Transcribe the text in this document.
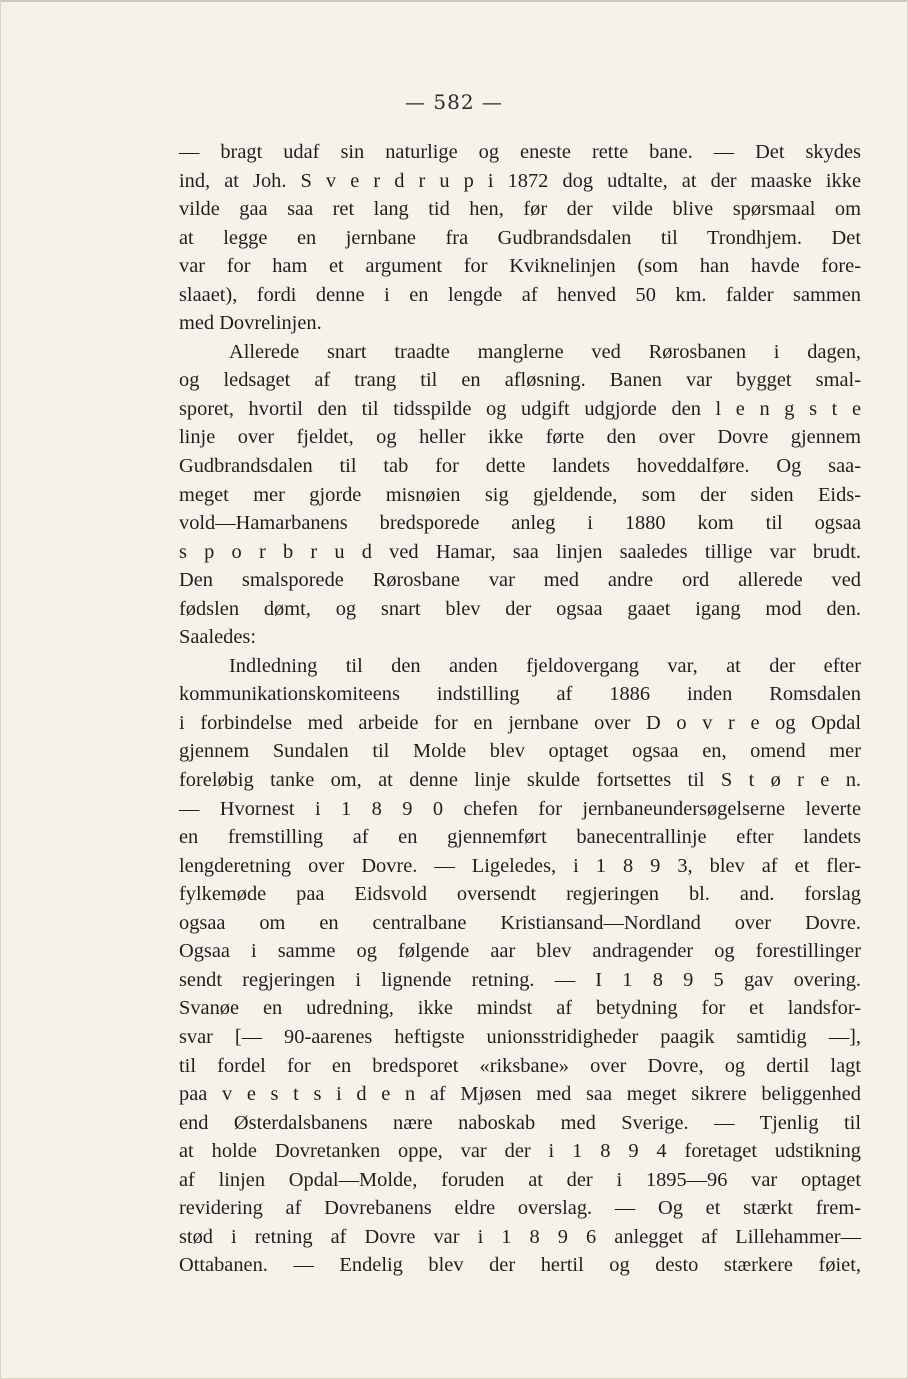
— 582 —
— bragt udaf sin naturlige og eneste rette bane. — Det skydes
ind, at Joh. S v e r d r u p i 1872 dog udtalte, at der maaske ikke
vilde gaa saa ret lang tid hen, før der vilde blive spørsmaal om
at legge en jernbane fra Gudbrandsdalen til Trondhjem. Det
var for ham et argument for Kviknelinjen (som han havde fore-
slaaet), fordi denne i en lengde af henved 50 km. falder sammen
med Dovrelinjen.
Allerede snart traadte manglerne ved Rørosbanen i dagen,
og ledsaget af trang til en afløsning. Banen var bygget smal-
sporet, hvortil den til tidsspilde og udgift udgjorde den l e n g s t e
linje over fjeldet, og heller ikke førte den over Dovre gjennem
Gudbrandsdalen til tab for dette landets hoveddalføre. Og saa-
meget mer gjorde misnøien sig gjeldende, som der siden Eids-
vold—Hamarbanens bredsporede anleg i 1880 kom til ogsaa
s p o r b r u d ved Hamar, saa linjen saaledes tillige var brudt.
Den smalsporede Rørosbane var med andre ord allerede ved
fødslen dømt, og snart blev der ogsaa gaaet igang mod den.
Saaledes:
Indledning til den anden fjeldovergang var, at der efter
kommunikationskomiteens indstilling af 1886 inden Romsdalen
i forbindelse med arbeide for en jernbane over D o v r e og Opdal
gjennem Sundalen til Molde blev optaget ogsaa en, omend mer
foreløbig tanke om, at denne linje skulde fortsettes til S t ø r e n.
— Hvornest i 1 8 9 0 chefen for jernbaneundersøgelserne leverte
en fremstilling af en gjennemført banecentrallinje efter landets
lengderetning over Dovre. — Ligeledes, i 1 8 9 3, blev af et fler-
fylkemøde paa Eidsvold oversendt regjeringen bl. and. forslag
ogsaa om en centralbane Kristiansand—Nordland over Dovre.
Ogsaa i samme og følgende aar blev andragender og forestillinger
sendt regjeringen i lignende retning. — I 1 8 9 5 gav overing.
Svanøe en udredning, ikke mindst af betydning for et landsfor-
svar [— 90-aarenes heftigste unionsstridigheder paagik samtidig —],
til fordel for en bredsporet «riksbane» over Dovre, og dertil lagt
paa v e s t s i d e n af Mjøsen med saa meget sikrere beliggenhed
end Østerdalsbanens nære naboskab med Sverige. — Tjenlig til
at holde Dovretanken oppe, var der i 1 8 9 4 foretaget udstikning
af linjen Opdal—Molde, foruden at der i 1895—96 var optaget
revidering af Dovrebanens eldre overslag. — Og et stærkt frem-
stød i retning af Dovre var i 1 8 9 6 anlegget af Lillehammer—
Ottabanen. — Endelig blev der hertil og desto stærkere føiet,
